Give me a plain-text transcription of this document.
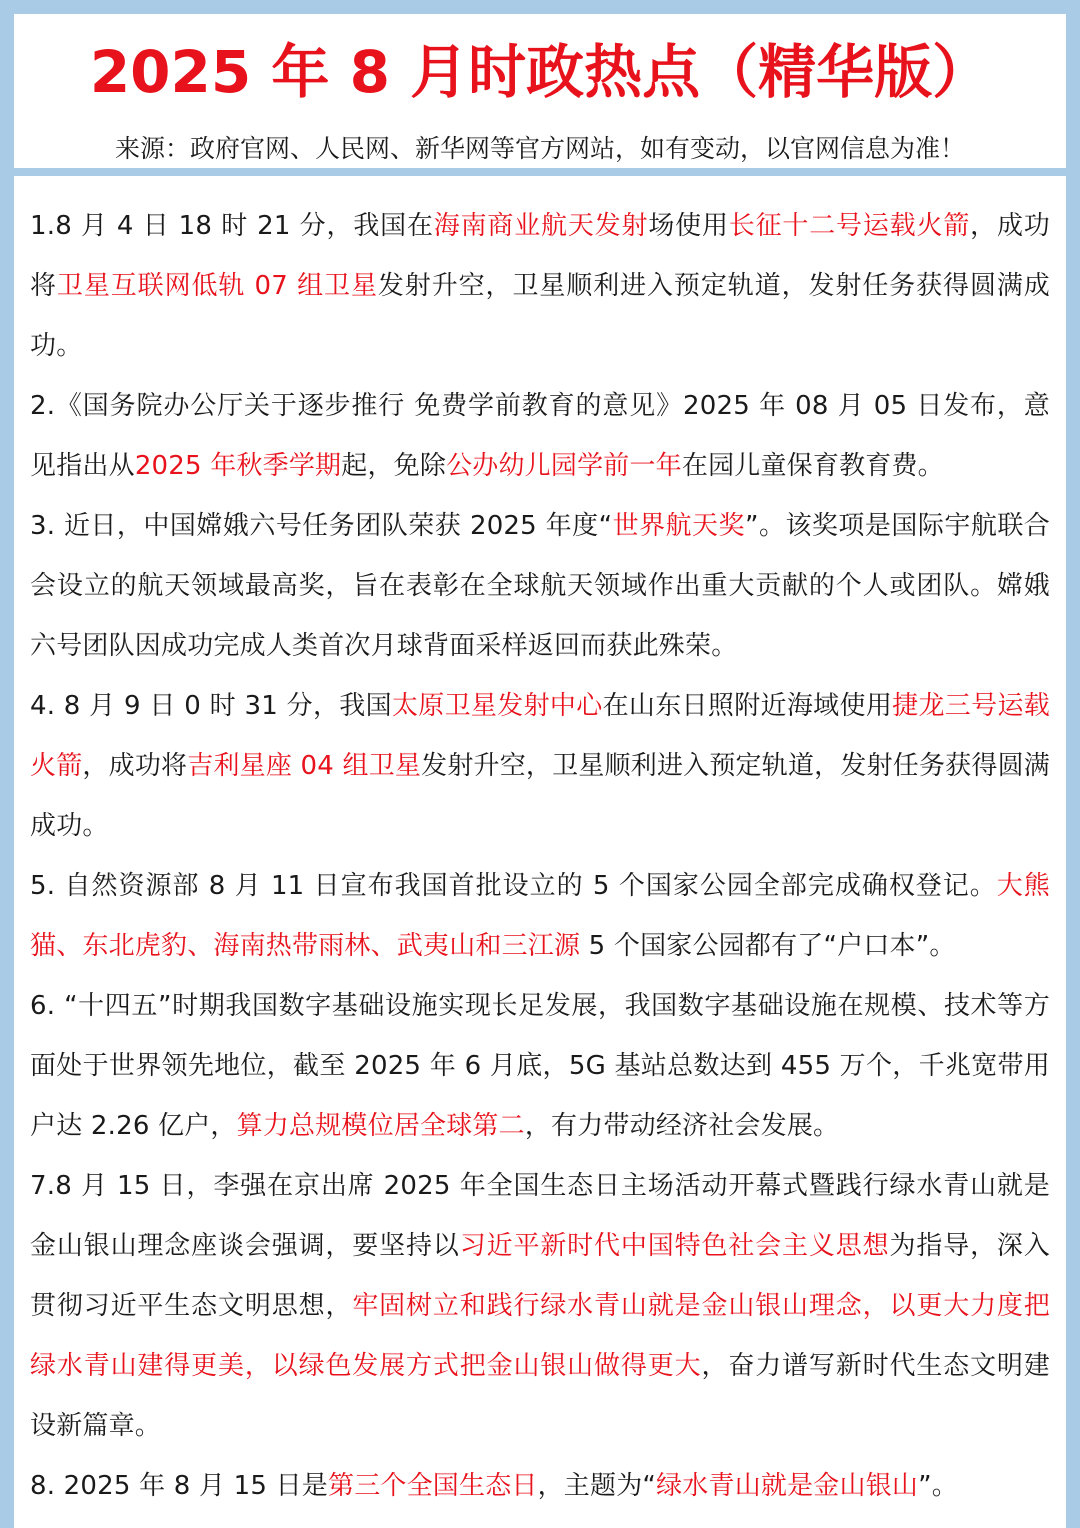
2025 年 8 月时政热点（精华版）
来源：政府官网、人民网、新华网等官方网站，如有变动，以官网信息为准！
1.8 月 4 日 18 时 21 分，我国在海南商业航天发射场使用长征十二号运载火箭，成功将卫星互联网低轨 07 组卫星发射升空，卫星顺利进入预定轨道，发射任务获得圆满成功。
2.《国务院办公厅关于逐步推行 免费学前教育的意见》2025 年 08 月 05 日发布，意见指出从2025 年秋季学期起，免除公办幼儿园学前一年在园儿童保育教育费。
3. 近日，中国嫦娥六号任务团队荣获 2025 年度“世界航天奖”。该奖项是国际宇航联合会设立的航天领域最高奖，旨在表彰在全球航天领域作出重大贡献的个人或团队。嫦娥六号团队因成功完成人类首次月球背面采样返回而获此殊荣。
4. 8 月 9 日 0 时 31 分，我国太原卫星发射中心在山东日照附近海域使用捷龙三号运载火箭，成功将吉利星座 04 组卫星发射升空，卫星顺利进入预定轨道，发射任务获得圆满成功。
5. 自然资源部 8 月 11 日宣布我国首批设立的 5 个国家公园全部完成确权登记。大熊猫、东北虎豹、海南热带雨林、武夷山和三江源 5 个国家公园都有了“户口本”。
6. “十四五”时期我国数字基础设施实现长足发展，我国数字基础设施在规模、技术等方面处于世界领先地位，截至 2025 年 6 月底，5G 基站总数达到 455 万个，千兆宽带用户达 2.26 亿户，算力总规模位居全球第二，有力带动经济社会发展。
7.8 月 15 日，李强在京出席 2025 年全国生态日主场活动开幕式暨践行绿水青山就是金山银山理念座谈会强调，要坚持以习近平新时代中国特色社会主义思想为指导，深入贯彻习近平生态文明思想，牢固树立和践行绿水青山就是金山银山理念，以更大力度把绿水青山建得更美，以绿色发展方式把金山银山做得更大，奋力谱写新时代生态文明建设新篇章。
8. 2025 年 8 月 15 日是第三个全国生态日，主题为“绿水青山就是金山银山”。
